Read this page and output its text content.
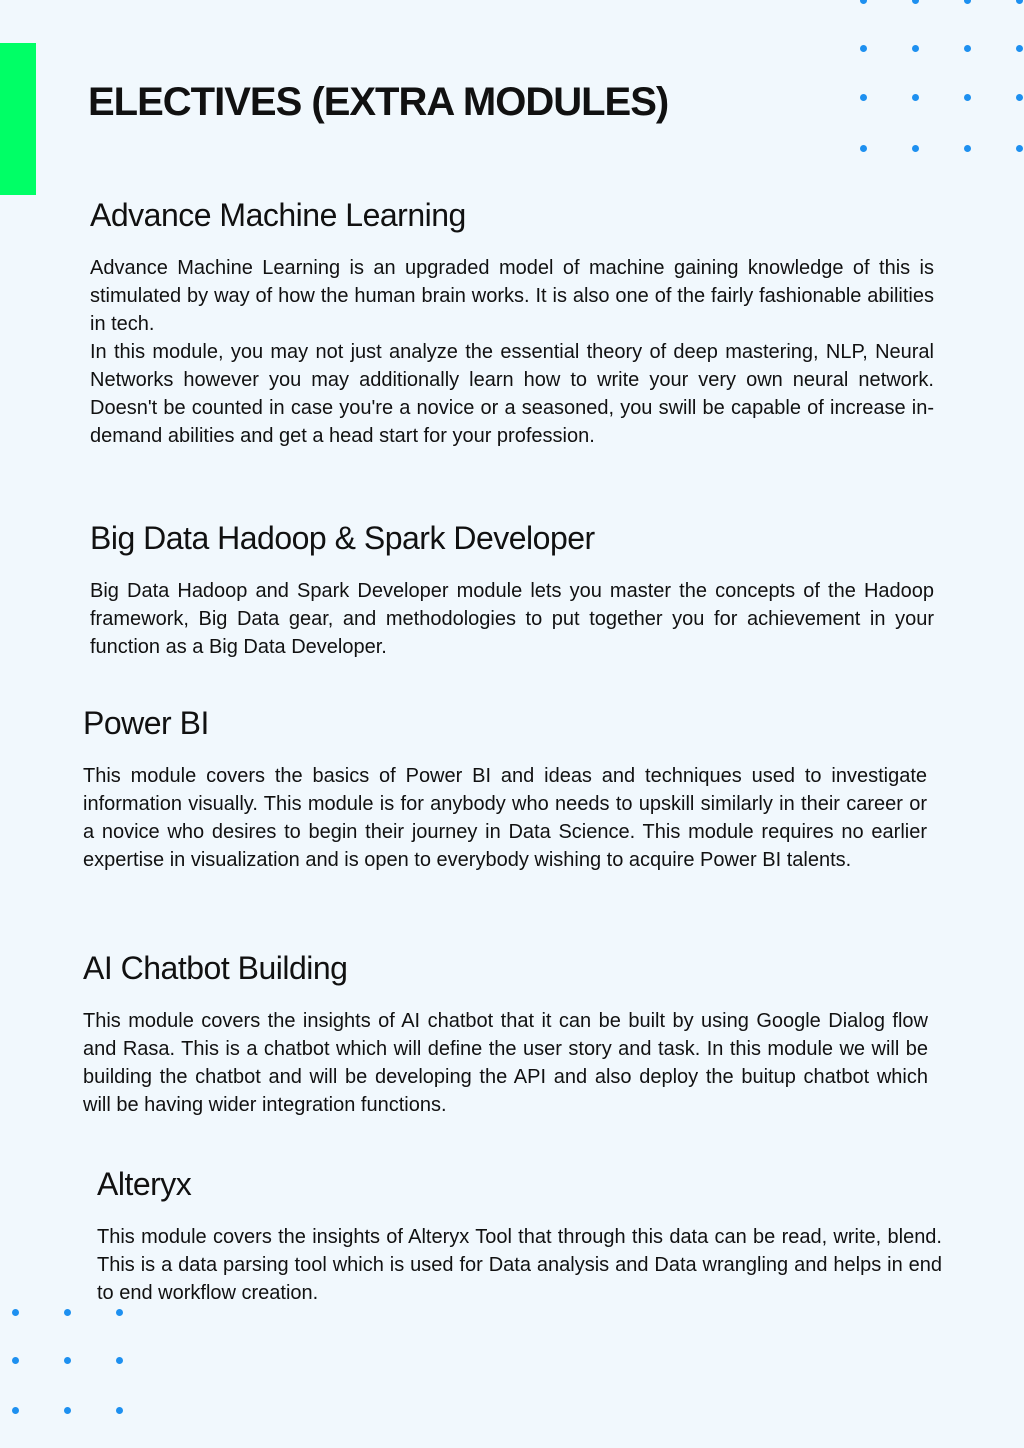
ELECTIVES (EXTRA MODULES)
Advance Machine Learning

Advance Machine Learning is an upgraded model of machine gaining knowledge of this is stimulated by way of how the human brain works. It is also one of the fairly fashionable abilities in tech.

In this module, you may not just analyze the essential theory of deep mastering, NLP, Neural Networks however you may additionally learn how to write your very own neural network. Doesn't be counted in case you're a novice or a seasoned, you swill be capable of increase in-demand abilities and get a head start for your profession.

Big Data Hadoop & Spark Developer

Big Data Hadoop and Spark Developer module lets you master the concepts of the Hadoop framework, Big Data gear, and methodologies to put together you for achievement in your function as a Big Data Developer.

Power BI

This module covers the basics of Power BI and ideas and techniques used to investigate information visually. This module is for anybody who needs to upskill similarly in their career or a novice who desires to begin their journey in Data Science. This module requires no earlier expertise in visualization and is open to everybody wishing to acquire Power BI talents.

AI Chatbot Building

This module covers the insights of AI chatbot that it can be built by using Google Dialog flow and Rasa. This is a chatbot which will define the user story and task. In this module we will be building the chatbot and will be developing the API and also deploy the buitup chatbot which will be having wider integration functions.

Alteryx

This module covers the insights of Alteryx Tool that through this data can be read, write, blend. This is a data parsing tool which is used for Data analysis and Data wrangling and helps in end to end workflow creation.
